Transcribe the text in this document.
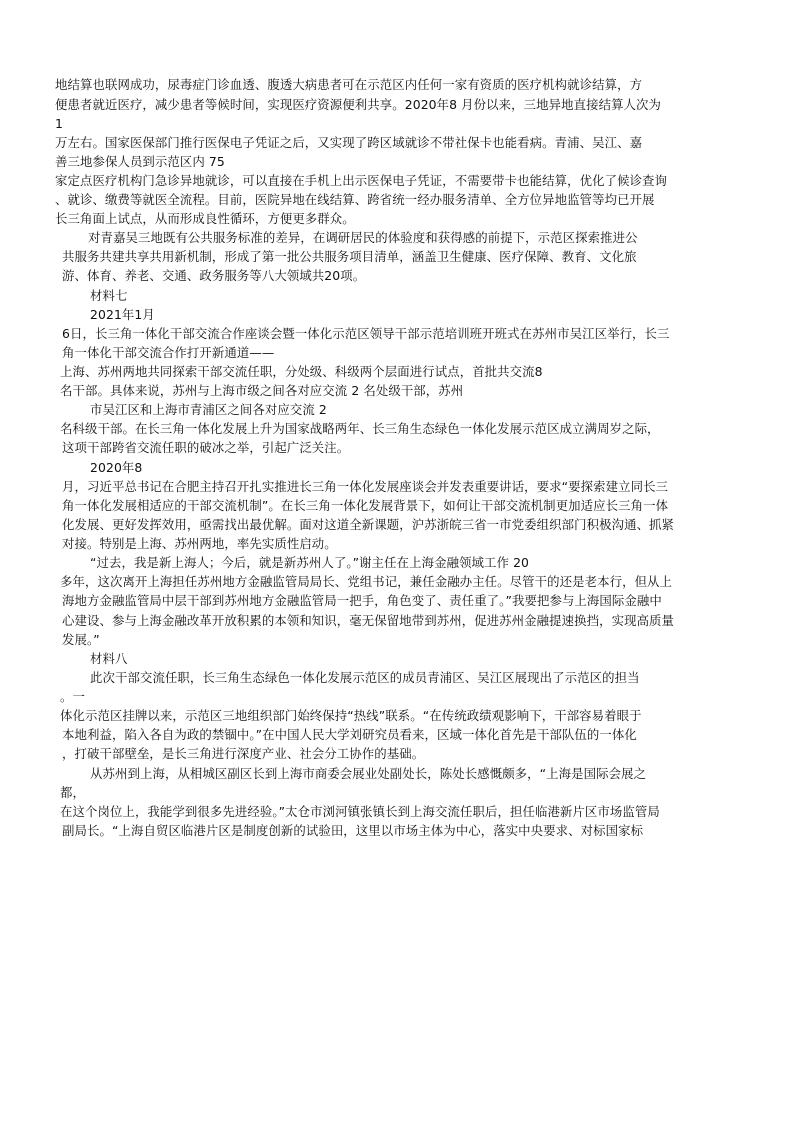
地结算也联网成功，尿毒症门诊血透、腹透大病患者可在示范区内任何一家有资质的医疗机构就诊结算，方
便患者就近医疗，减少患者等候时间，实现医疗资源便利共享。2020年8 月份以来，三地异地直接结算人次为
1
万左右。国家医保部门推行医保电子凭证之后，又实现了跨区域就诊不带社保卡也能看病。青浦、吴江、嘉
善三地参保人员到示范区内 75
家定点医疗机构门急诊异地就诊，可以直接在手机上出示医保电子凭证，不需要带卡也能结算，优化了候诊查询
、就诊、缴费等就医全流程。目前，医院异地在线结算、跨省统一经办服务清单、全方位异地监管等均已开展
长三角面上试点，从而形成良性循环，方便更多群众。
对青嘉吴三地既有公共服务标准的差异，在调研居民的体验度和获得感的前提下，示范区探索推进公
共服务共建共享共用新机制，形成了第一批公共服务项目清单，涵盖卫生健康、医疗保障、教育、文化旅
游、体育、养老、交通、政务服务等八大领域共20项。
材料七
2021年1月
6日，长三角一体化干部交流合作座谈会暨一体化示范区领导干部示范培训班开班式在苏州市吴江区举行，长三
角一体化干部交流合作打开新通道——
上海、苏州两地共同探索干部交流任职，分处级、科级两个层面进行试点，首批共交流8
名干部。具体来说，苏州与上海市级之间各对应交流 2 名处级干部，苏州
市吴江区和上海市青浦区之间各对应交流 2
名科级干部。在长三角一体化发展上升为国家战略两年、长三角生态绿色一体化发展示范区成立满周岁之际，
这项干部跨省交流任职的破冰之举，引起广泛关注。
2020年8
月，习近平总书记在合肥主持召开扎实推进长三角一体化发展座谈会并发表重要讲话，要求“要探索建立同长三
角一体化发展相适应的干部交流机制”。在长三角一体化发展背景下，如何让干部交流机制更加适应长三角一体
化发展、更好发挥效用，亟需找出最优解。面对这道全新课题，沪苏浙皖三省一市党委组织部门积极沟通、抓紧
对接。特别是上海、苏州两地，率先实质性启动。
“过去，我是新上海人；今后，就是新苏州人了。”谢主任在上海金融领域工作 20
多年，这次离开上海担任苏州地方金融监管局局长、党组书记，兼任金融办主任。尽管干的还是老本行，但从上
海地方金融监管局中层干部到苏州地方金融监管局一把手，角色变了、责任重了。”我要把参与上海国际金融中
心建设、参与上海金融改革开放积累的本领和知识，毫无保留地带到苏州，促进苏州金融提速换挡，实现高质量
发展。”
材料八
此次干部交流任职，长三角生态绿色一体化发展示范区的成员青浦区、吴江区展现出了示范区的担当
。一
体化示范区挂牌以来，示范区三地组织部门始终保持“热线”联系。“在传统政绩观影响下，干部容易着眼于
本地利益，陷入各自为政的禁锢中。”在中国人民大学刘研究员看来，区域一体化首先是干部队伍的一体化
，打破干部壁垒，是长三角进行深度产业、社会分工协作的基础。
从苏州到上海，从相城区副区长到上海市商委会展业处副处长，陈处长感慨颇多，“上海是国际会展之
都，
在这个岗位上，我能学到很多先进经验。”太仓市浏河镇张镇长到上海交流任职后，担任临港新片区市场监管局
副局长。“上海自贸区临港片区是制度创新的试验田，这里以市场主体为中心，落实中央要求、对标国家标
